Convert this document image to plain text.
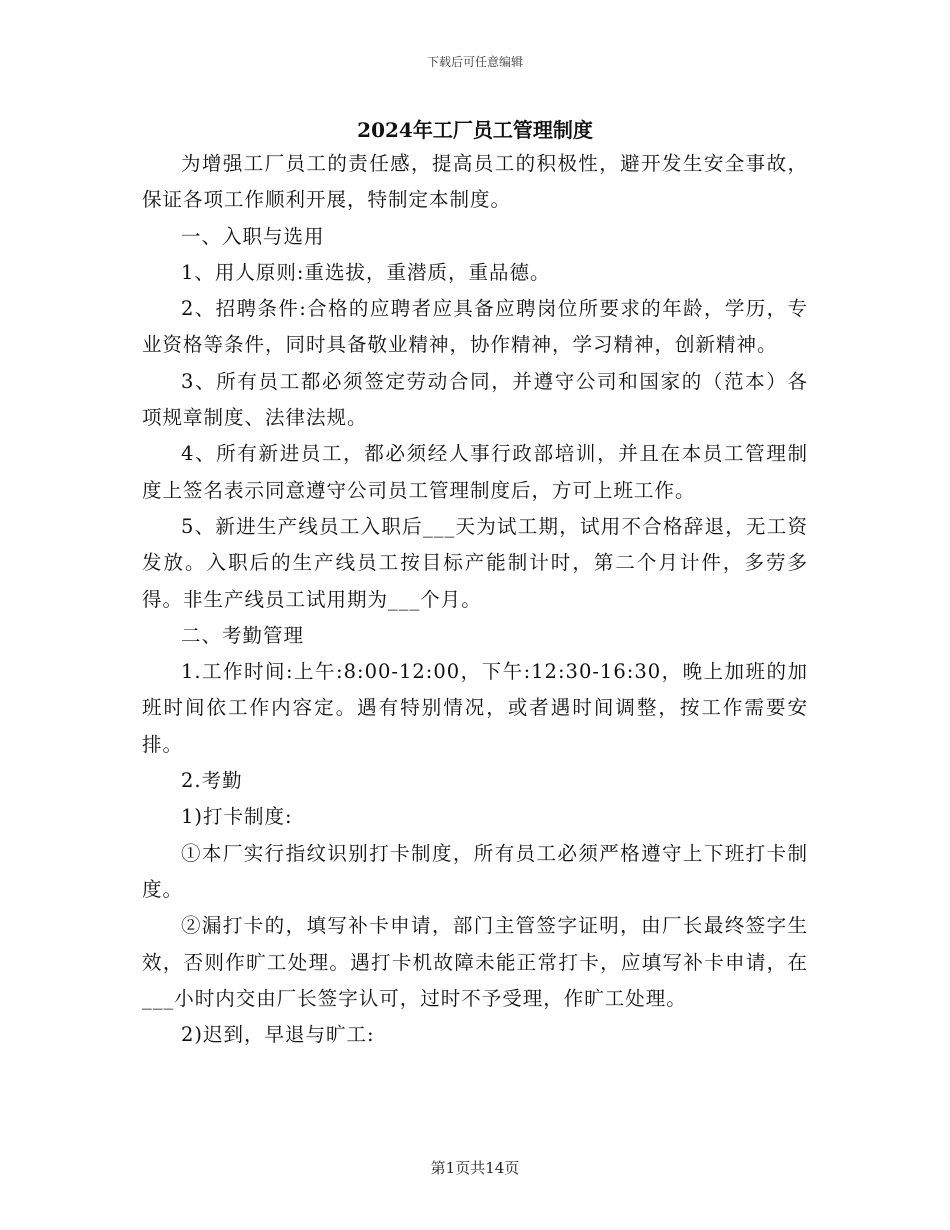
下载后可任意编辑
2024年工厂员工管理制度

为增强工厂员工的责任感，提高员工的积极性，避开发生安全事故，保证各项工作顺利开展，特制定本制度。

一、入职与选用

1、用人原则:重选拔，重潜质，重品德。

2、招聘条件:合格的应聘者应具备应聘岗位所要求的年龄，学历，专业资格等条件，同时具备敬业精神，协作精神，学习精神，创新精神。

3、所有员工都必须签定劳动合同，并遵守公司和国家的（范本）各项规章制度、法律法规。

4、所有新进员工，都必须经人事行政部培训，并且在本员工管理制度上签名表示同意遵守公司员工管理制度后，方可上班工作。

5、新进生产线员工入职后___天为试工期，试用不合格辞退，无工资发放。入职后的生产线员工按目标产能制计时，第二个月计件，多劳多得。非生产线员工试用期为___个月。

二、考勤管理

1.工作时间:上午:8:00-12:00，下午:12:30-16:30，晚上加班的加班时间依工作内容定。遇有特别情况，或者遇时间调整，按工作需要安排。

2.考勤

1)打卡制度:

①本厂实行指纹识别打卡制度，所有员工必须严格遵守上下班打卡制度。

②漏打卡的，填写补卡申请，部门主管签字证明，由厂长最终签字生效，否则作旷工处理。遇打卡机故障未能正常打卡，应填写补卡申请，在___小时内交由厂长签字认可，过时不予受理，作旷工处理。

2)迟到，早退与旷工:

第1页共14页
